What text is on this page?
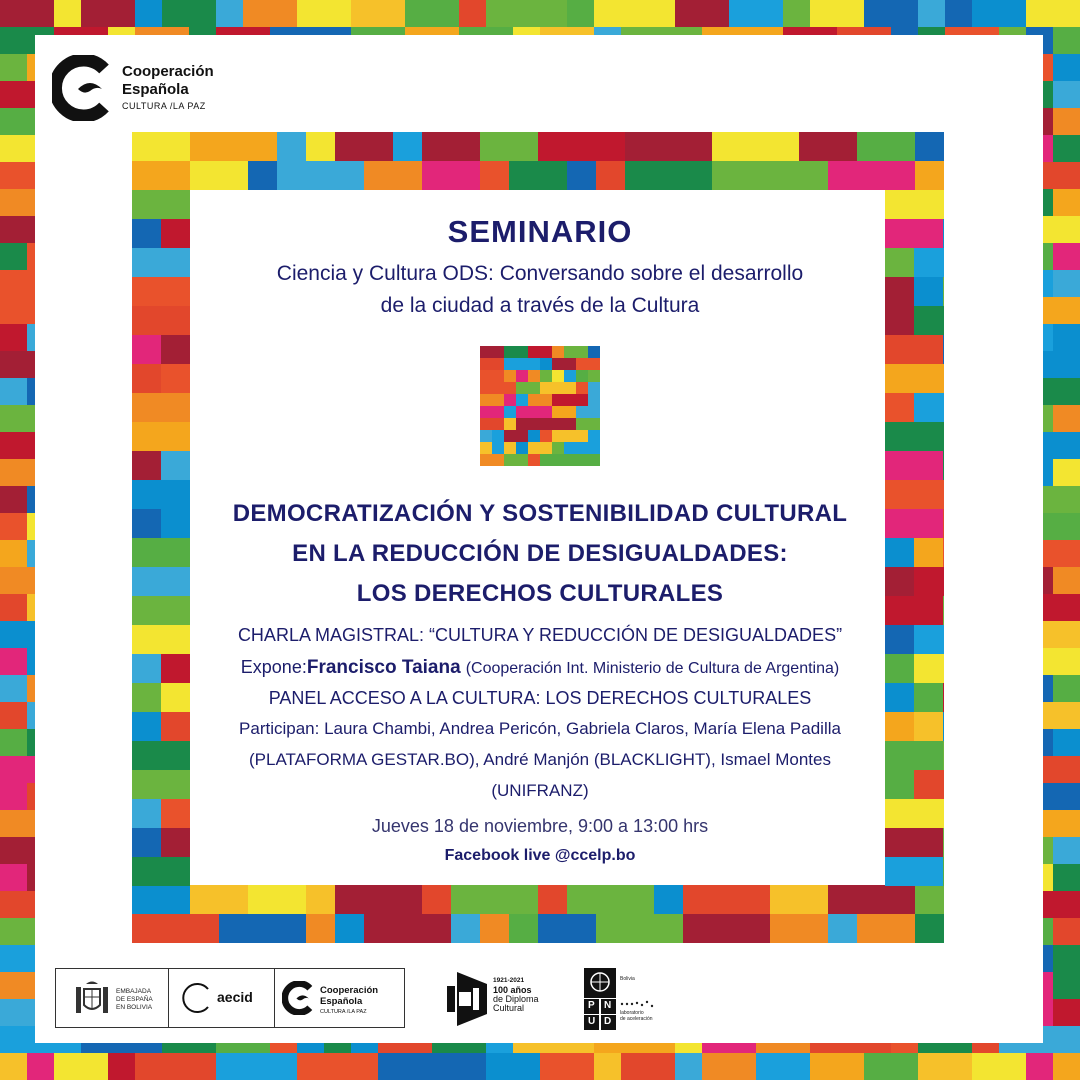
Cooperación
Española
CULTURA /LA PAZ
SEMINARIO
Ciencia y Cultura ODS: Conversando sobre el desarrollo
de la ciudad a través de la Cultura
DEMOCRATIZACIÓN Y SOSTENIBILIDAD CULTURAL
EN LA REDUCCIÓN DE DESIGUALDADES:
LOS DERECHOS CULTURALES
CHARLA MAGISTRAL: “CULTURA Y REDUCCIÓN DE DESIGUALDADES”
Expone:Francisco Taiana (Cooperación Int. Ministerio de Cultura de Argentina)
PANEL ACCESO A LA CULTURA: LOS DERECHOS CULTURALES
Participan: Laura Chambi, Andrea Pericón, Gabriela Claros, María Elena Padilla
(PLATAFORMA GESTAR.BO), André Manjón (BLACKLIGHT), Ismael Montes
(UNIFRANZ)
Jueves 18 de noviembre, 9:00 a 13:00 hrs
Facebook live @ccelp.bo
EMBAJADA
DE ESPAÑA
EN BOLIVIA
aecid	Cooperación
Española
CULTURA /LA PAZ
1921-2021
100 años
de Diploma
Cultural	P N
U D
Bolivia
laboratorio
de aceleración
